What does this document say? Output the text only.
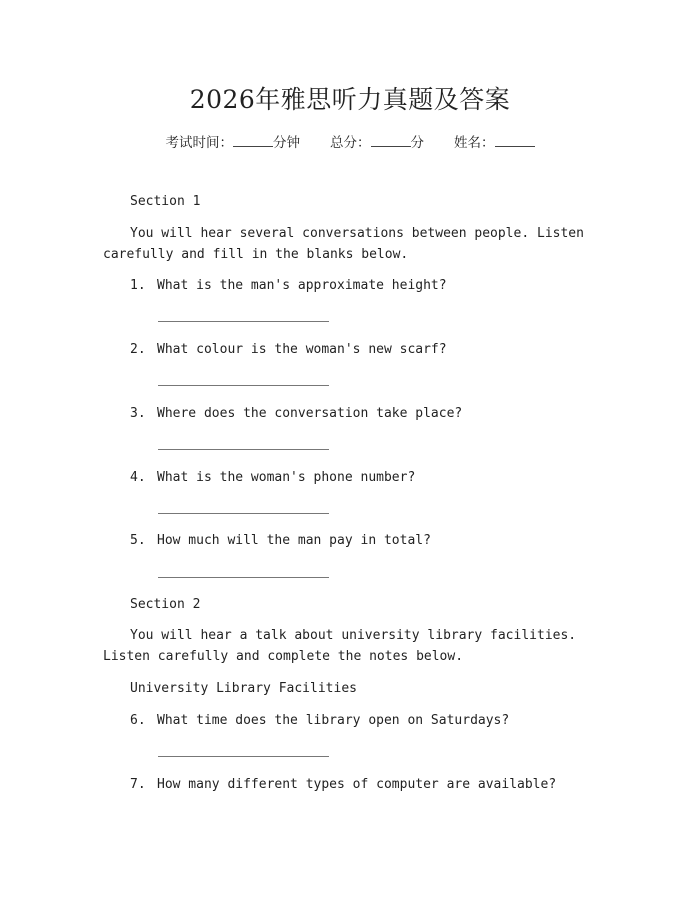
2026年雅思听力真题及答案
考试时间：	分钟 总分：	分 姓名：
Section 1
You will hear several conversations between people. Listen carefully and fill in the blanks below.
1. What is the man's approximate height?
2. What colour is the woman's new scarf?
3. Where does the conversation take place?
4. What is the woman's phone number?
5. How much will the man pay in total?
Section 2
You will hear a talk about university library facilities. Listen carefully and complete the notes below.
University Library Facilities
6. What time does the library open on Saturdays?
7. How many different types of computer are available?
